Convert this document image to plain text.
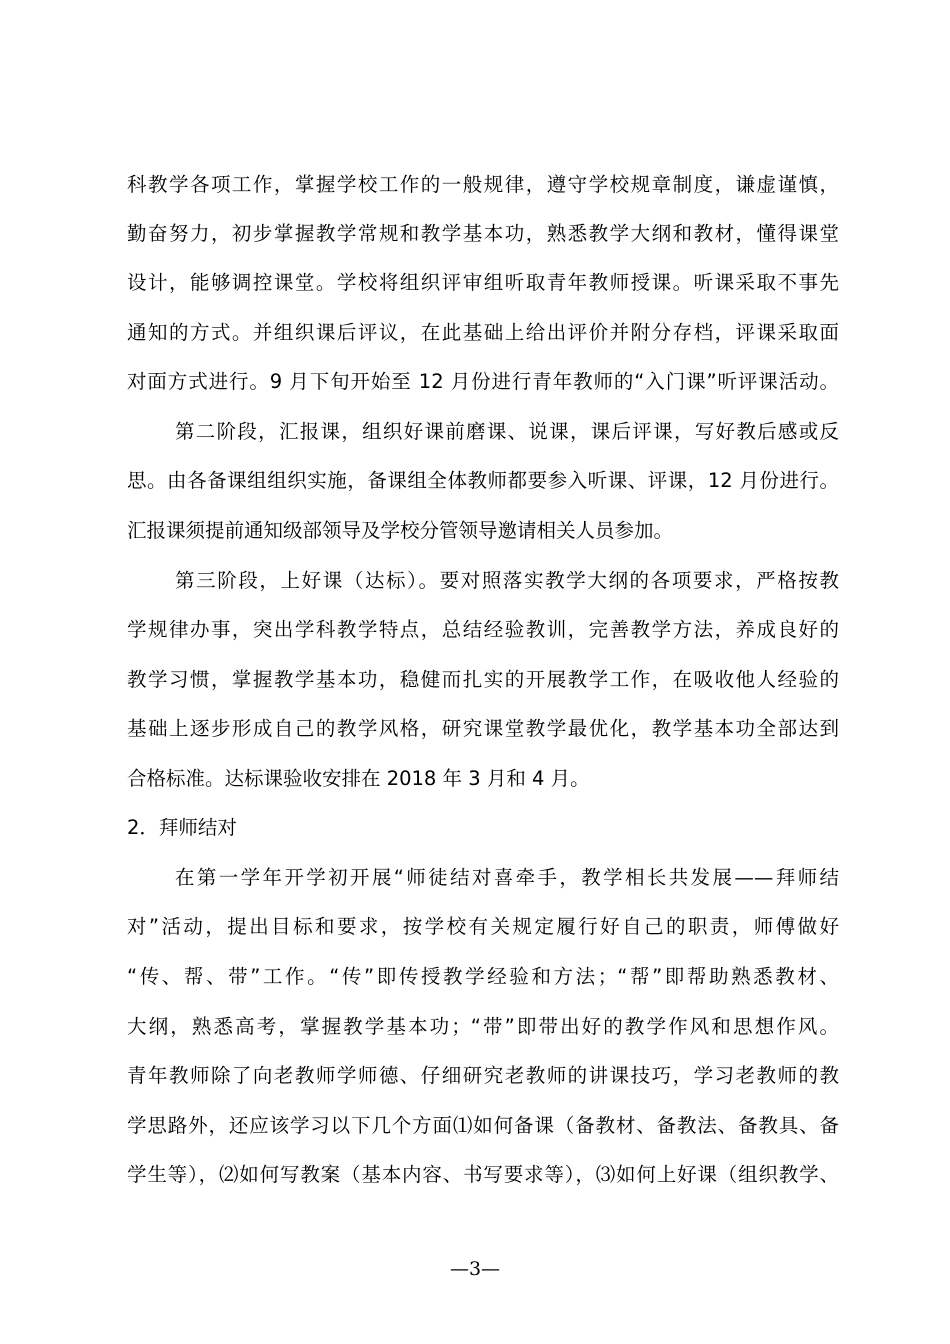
科教学各项工作，掌握学校工作的一般规律，遵守学校规章制度，谦虚谨慎，
勤奋努力，初步掌握教学常规和教学基本功，熟悉教学大纲和教材，懂得课堂
设计，能够调控课堂。学校将组织评审组听取青年教师授课。听课采取不事先
通知的方式。并组织课后评议，在此基础上给出评价并附分存档，评课采取面
对面方式进行。9 月下旬开始至 12 月份进行青年教师的“入门课”听评课活动。
第二阶段，汇报课，组织好课前磨课、说课，课后评课，写好教后感或反
思。由各备课组组织实施，备课组全体教师都要参入听课、评课，12 月份进行。
汇报课须提前通知级部领导及学校分管领导邀请相关人员参加。
第三阶段，上好课（达标）。要对照落实教学大纲的各项要求，严格按教
学规律办事，突出学科教学特点，总结经验教训，完善教学方法，养成良好的
教学习惯，掌握教学基本功，稳健而扎实的开展教学工作，在吸收他人经验的
基础上逐步形成自己的教学风格，研究课堂教学最优化，教学基本功全部达到
合格标准。达标课验收安排在 2018 年 3 月和 4 月。
2．拜师结对
在第一学年开学初开展“师徒结对喜牵手，教学相长共发展——拜师结
对”活动，提出目标和要求，按学校有关规定履行好自己的职责，师傅做好
“传、帮、带”工作。“传”即传授教学经验和方法；“帮”即帮助熟悉教材、
大纲，熟悉高考，掌握教学基本功；“带”即带出好的教学作风和思想作风。
青年教师除了向老教师学师德、仔细研究老教师的讲课技巧，学习老教师的教
学思路外，还应该学习以下几个方面⑴如何备课（备教材、备教法、备教具、备
学生等），⑵如何写教案（基本内容、书写要求等），⑶如何上好课（组织教学、
—3—
